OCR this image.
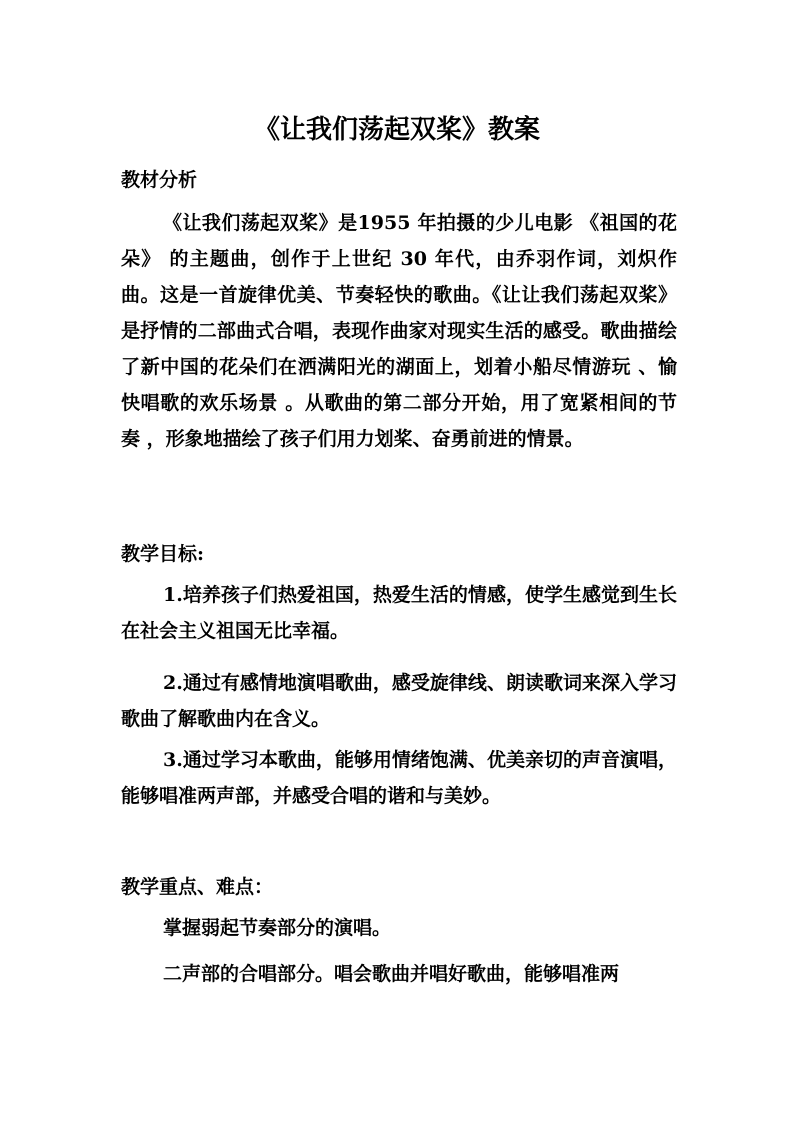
《让我们荡起双桨》教案
教材分析

《让我们荡起双桨》是1955 年拍摄的少儿电影 《祖国的花朵》 的主题曲，创作于上世纪 30 年代，由乔羽作词，刘炽作曲。这是一首旋律优美、节奏轻快的歌曲。《让让我们荡起双桨》 是抒情的二部曲式合唱，表现作曲家对现实生活的感受。歌曲描绘了新中国的花朵们在洒满阳光的湖面上，划着小船尽情游玩 、愉快唱歌的欢乐场景 。从歌曲的第二部分开始，用了宽紧相间的节奏 ，形象地描绘了孩子们用力划桨、奋勇前进的情景。

教学目标:

1.培养孩子们热爱祖国，热爱生活的情感，使学生感觉到生长在社会主义祖国无比幸福。

2.通过有感情地演唱歌曲，感受旋律线、朗读歌词来深入学习歌曲了解歌曲内在含义。

3.通过学习本歌曲，能够用情绪饱满、优美亲切的声音演唱， 能够唱准两声部，并感受合唱的谐和与美妙。

教学重点、难点：

掌握弱起节奏部分的演唱。

二声部的合唱部分。唱会歌曲并唱好歌曲，能够唱准两
